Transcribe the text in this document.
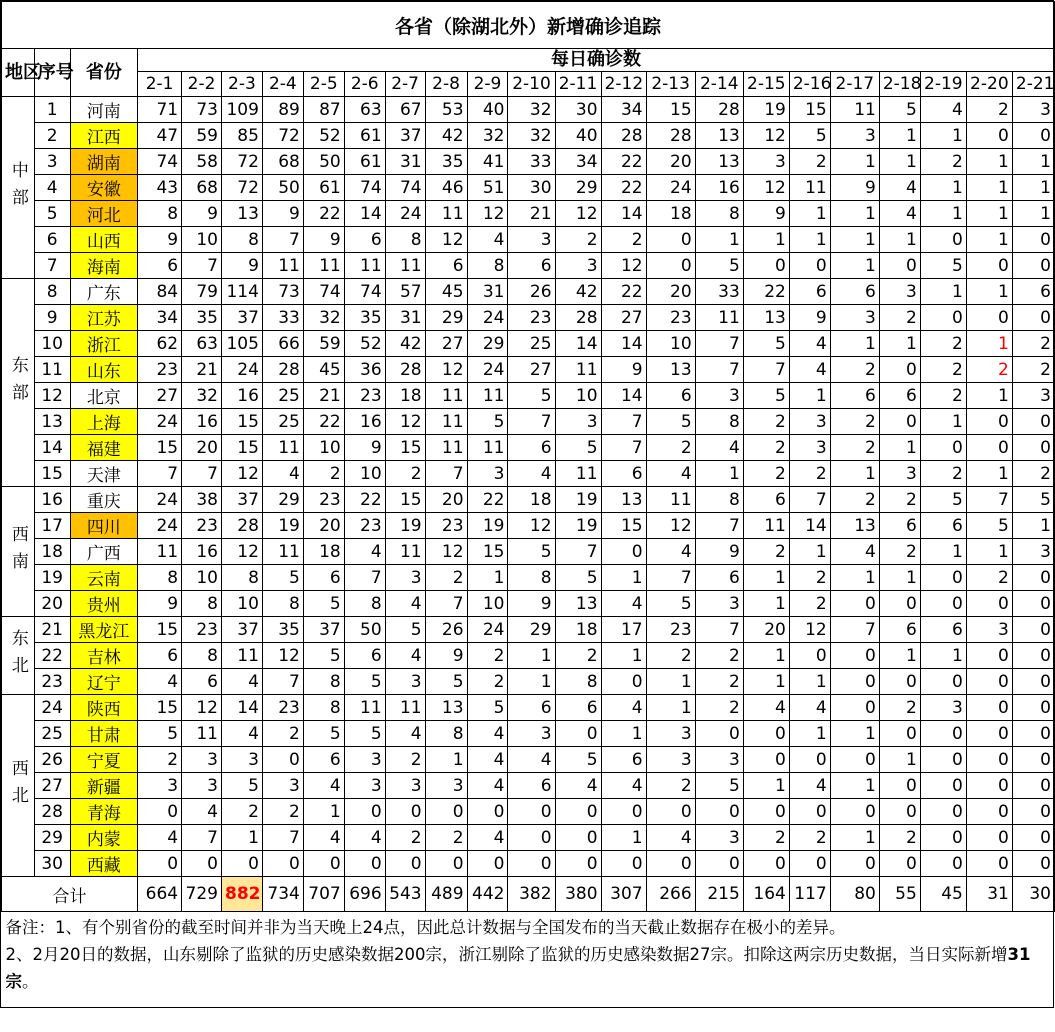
各省（除湖北外）新增确诊追踪																							
地区	序号	省份	每日确诊数																				
			2-1	2-2	2-3	2-4	2-5	2-6	2-7	2-8	2-9	2-10	2-11	2-12	2-13	2-14	2-15	2-16	2-17	2-18	2-19	2-20	2-21

中部	1	河南	71	73	109	89	87	63	67	53	40	32	30	34	15	28	19	15	11	5	4	2	3
	2	江西	47	59	85	72	52	61	37	42	32	32	40	28	28	13	12	5	3	1	1	0	0
	3	湖南	74	58	72	68	50	61	31	35	41	33	34	22	20	13	3	2	1	1	2	1	1
	4	安徽	43	68	72	50	61	74	74	46	51	30	29	22	24	16	12	11	9	4	1	1	1
	5	河北	8	9	13	9	22	14	24	11	12	21	12	14	18	8	9	1	1	4	1	1	1
	6	山西	9	10	8	7	9	6	8	12	4	3	2	2	0	1	1	1	1	1	0	1	0
	7	海南	6	7	9	11	11	11	11	6	8	6	3	12	0	5	0	0	1	0	5	0	0

东部	8	广东	84	79	114	73	74	74	57	45	31	26	42	22	20	33	22	6	6	3	1	1	6
	9	江苏	34	35	37	33	32	35	31	29	24	23	28	27	23	11	13	9	3	2	0	0	0
	10	浙江	62	63	105	66	59	52	42	27	29	25	14	14	10	7	5	4	1	1	2	1	2
	11	山东	23	21	24	28	45	36	28	12	24	27	11	9	13	7	7	4	2	0	2	2	2
	12	北京	27	32	16	25	21	23	18	11	11	5	10	14	6	3	5	1	6	6	2	1	3
	13	上海	24	16	15	25	22	16	12	11	5	7	3	7	5	8	2	3	2	0	1	0	0
	14	福建	15	20	15	11	10	9	15	11	11	6	5	7	2	4	2	3	2	1	0	0	0
	15	天津	7	7	12	4	2	10	2	7	3	4	11	6	4	1	2	2	1	3	2	1	2

西南	16	重庆	24	38	37	29	23	22	15	20	22	18	19	13	11	8	6	7	2	2	5	7	5
	17	四川	24	23	28	19	20	23	19	23	19	12	19	15	12	7	11	14	13	6	6	5	1
	18	广西	11	16	12	11	18	4	11	12	15	5	7	0	4	9	2	1	4	2	1	1	3
	19	云南	8	10	8	5	6	7	3	2	1	8	5	1	7	6	1	2	1	1	0	2	0
	20	贵州	9	8	10	8	5	8	4	7	10	9	13	4	5	3	1	2	0	0	0	0	0

东北	21	黑龙江	15	23	37	35	37	50	5	26	24	29	18	17	23	7	20	12	7	6	6	3	0
	22	吉林	6	8	11	12	5	6	4	9	2	1	2	1	2	2	1	0	0	1	1	0	0
	23	辽宁	4	6	4	7	8	5	3	5	2	1	8	0	1	2	1	1	0	0	0	0	0

西北	24	陕西	15	12	14	23	8	11	11	13	5	6	6	4	1	2	4	4	0	2	3	0	0
	25	甘肃	5	11	4	2	5	5	4	8	4	3	0	1	3	0	0	1	1	0	0	0	0
	26	宁夏	2	3	3	0	6	3	2	1	4	4	5	6	3	3	0	0	0	1	0	0	0
	27	新疆	3	3	5	3	4	3	3	3	4	6	4	4	2	5	1	4	1	0	0	0	0
	28	青海	0	4	2	2	1	0	0	0	0	0	0	0	0	0	0	0	0	0	0	0	0
	29	内蒙	4	7	1	7	4	4	2	2	4	0	0	1	4	3	2	2	1	2	0	0	0
	30	西藏	0	0	0	0	0	0	0	0	0	0	0	0	0	0	0	0	0	0	0	0	0
合计			664	729	882	734	707	696	543	489	442	382	380	307	266	215	164	117	80	55	45	31	30

备注：1、有个别省份的截至时间并非为当天晚上24点，因此总计数据与全国发布的当天截止数据存在极小的差异。
2、2月20日的数据，山东剔除了监狱的历史感染数据200宗，浙江剔除了监狱的历史感染数据27宗。扣除这两宗历史数据，当日实际新增31宗。																							
